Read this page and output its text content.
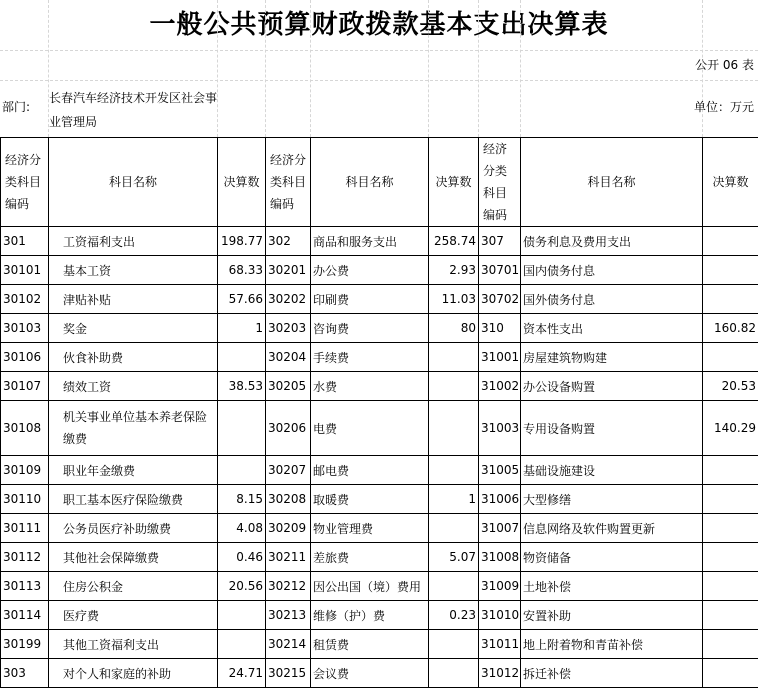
一般公共预算财政拨款基本支出决算表
公开 06 表
部门:
长春汽车经济技术开发区社会事业管理局
单位：万元
经济分类科目编码	科目名称	决算数	经济分类科目编码	科目名称	决算数	经济分类科目编码	科目名称	决算数
301	工资福利支出	198.77	302	商品和服务支出	258.74	307	债务利息及费用支出	
30101	基本工资	68.33	30201	办公费	2.93	30701	国内债务付息	
30102	津贴补贴	57.66	30202	印刷费	11.03	30702	国外债务付息	
30103	奖金	1	30203	咨询费	80	310	资本性支出	160.82
30106	伙食补助费		30204	手续费		31001	房屋建筑物购建	
30107	绩效工资	38.53	30205	水费		31002	办公设备购置	20.53
30108	机关事业单位基本养老保险缴费		30206	电费		31003	专用设备购置	140.29
30109	职业年金缴费		30207	邮电费		31005	基础设施建设	
30110	职工基本医疗保险缴费	8.15	30208	取暖费	1	31006	大型修缮	
30111	公务员医疗补助缴费	4.08	30209	物业管理费		31007	信息网络及软件购置更新	
30112	其他社会保障缴费	0.46	30211	差旅费	5.07	31008	物资储备	
30113	住房公积金	20.56	30212	因公出国（境）费用		31009	土地补偿	
30114	医疗费		30213	维修（护）费	0.23	31010	安置补助	
30199	其他工资福利支出		30214	租赁费		31011	地上附着物和青苗补偿	
303	对个人和家庭的补助	24.71	30215	会议费		31012	拆迁补偿	
